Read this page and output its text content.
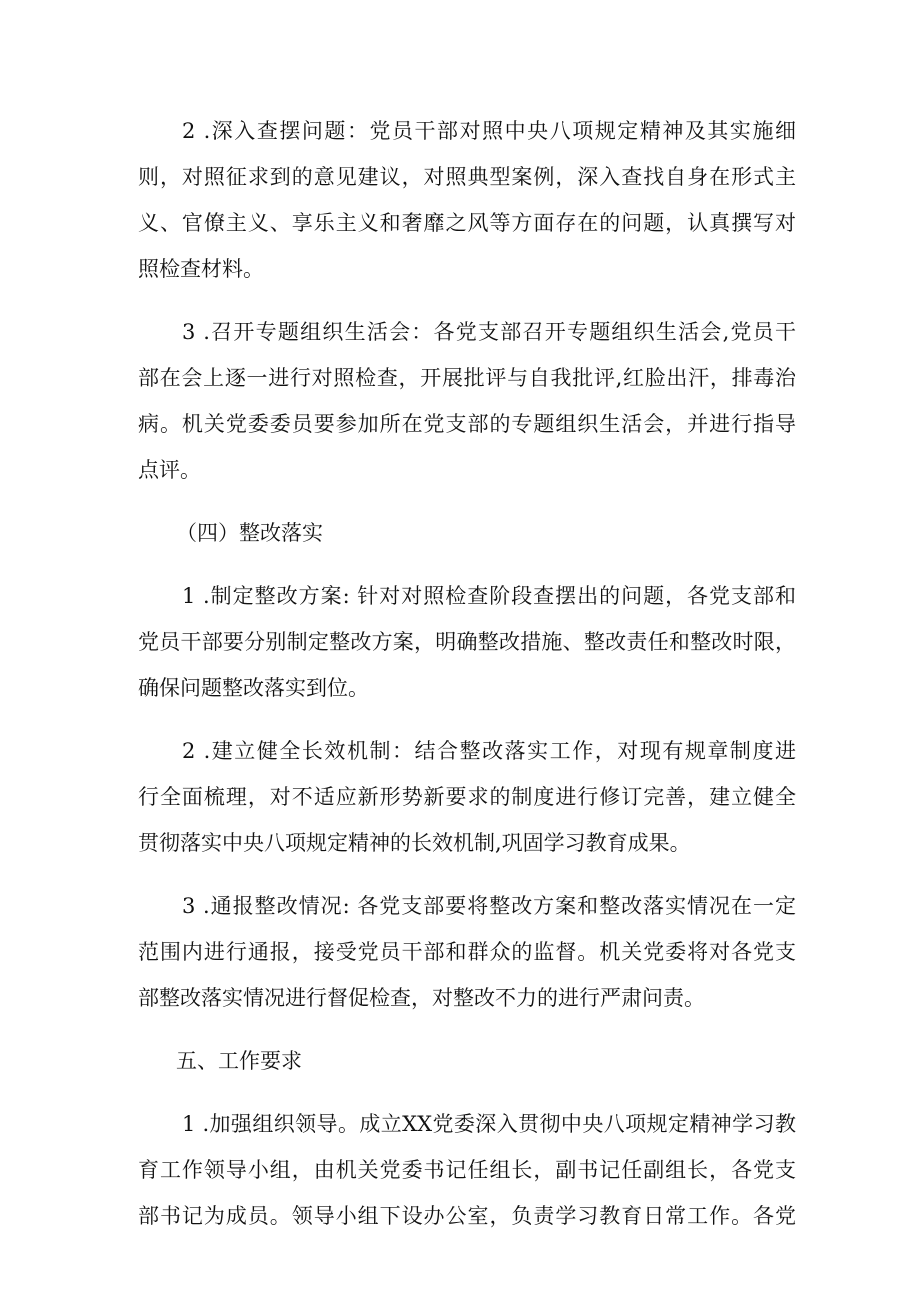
2 .深入查摆问题：党员干部对照中央八项规定精神及其实施细
则，对照征求到的意见建议，对照典型案例，深入查找自身在形式主
义、官僚主义、享乐主义和奢靡之风等方面存在的问题，认真撰写对
照检查材料。

3 .召开专题组织生活会：各党支部召开专题组织生活会,党员干
部在会上逐一进行对照检查，开展批评与自我批评,红脸出汗，排毒治
病。机关党委委员要参加所在党支部的专题组织生活会，并进行指导
点评。

（四）整改落实

1 .制定整改方案: 针对对照检查阶段查摆出的问题，各党支部和
党员干部要分别制定整改方案，明确整改措施、整改责任和整改时限，
确保问题整改落实到位。

2 .建立健全长效机制：结合整改落实工作，对现有规章制度进
行全面梳理，对不适应新形势新要求的制度进行修订完善，建立健全
贯彻落实中央八项规定精神的长效机制,巩固学习教育成果。

3 .通报整改情况: 各党支部要将整改方案和整改落实情况在一定
范围内进行通报，接受党员干部和群众的监督。机关党委将对各党支
部整改落实情况进行督促检查，对整改不力的进行严肃问责。

五、工作要求

1 .加强组织领导。成立XX党委深入贯彻中央八项规定精神学习教
育工作领导小组，由机关党委书记任组长，副书记任副组长，各党支
部书记为成员。领导小组下设办公室，负责学习教育日常工作。各党
